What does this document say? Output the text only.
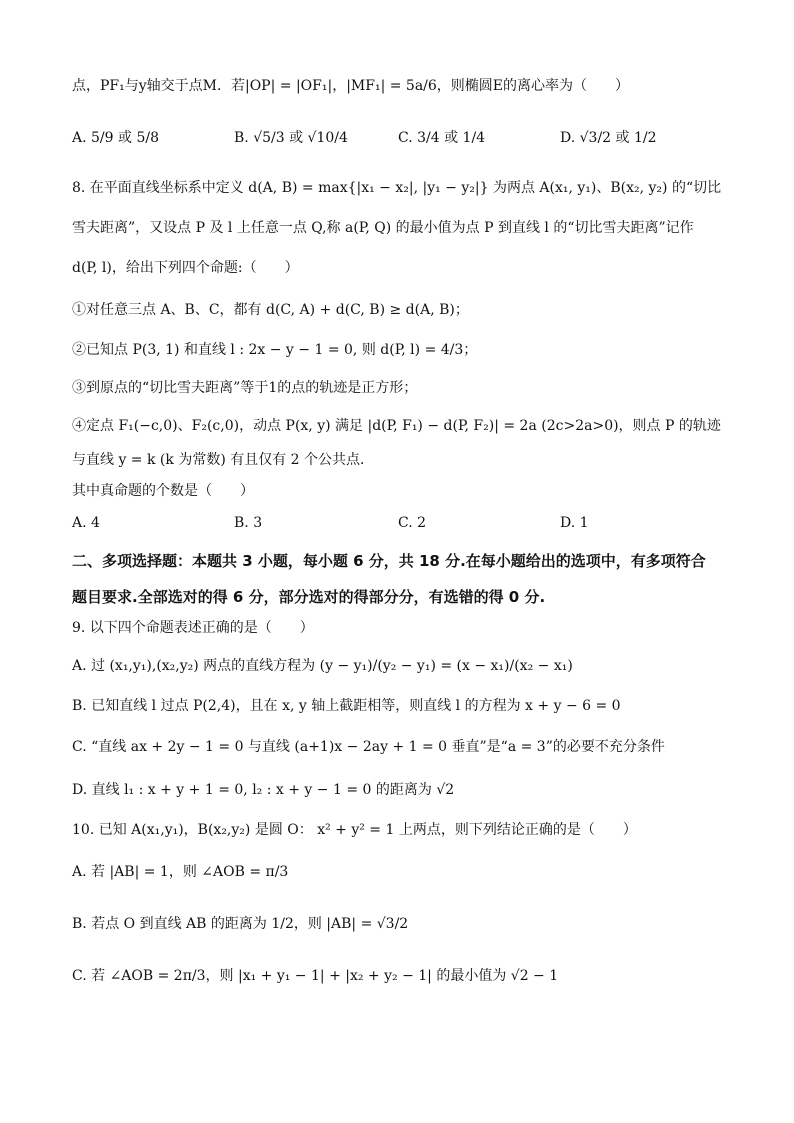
点，PF₁与y轴交于点M．若|OP| = |OF₁|，|MF₁| = 5a/6，则椭圆E的离心率为（　　）
A. 5/9 或 5/8	B. √5/3 或 √10/4	C. 3/4 或 1/4	D. √3/2 或 1/2
8. 在平面直线坐标系中定义 d(A, B) = max{|x₁ − x₂|, |y₁ − y₂|} 为两点 A(x₁, y₁)、B(x₂, y₂) 的“切比
雪夫距离”，又设点 P 及 l 上任意一点 Q,称 a(P, Q) 的最小值为点 P 到直线 l 的“切比雪夫距离”记作
d(P, l)，给出下列四个命题:（　　）
①对任意三点 A、B、C，都有 d(C, A) + d(C, B) ≥ d(A, B)；
②已知点 P(3, 1) 和直线 l : 2x − y − 1 = 0, 则 d(P, l) = 4/3；
③到原点的“切比雪夫距离”等于1的点的轨迹是正方形；
④定点 F₁(−c,0)、F₂(c,0)，动点 P(x, y) 满足 |d(P, F₁) − d(P, F₂)| = 2a (2c>2a>0)，则点 P 的轨迹
与直线 y = k (k 为常数) 有且仅有 2 个公共点．
其中真命题的个数是（　　）
A. 4	B. 3	C. 2	D. 1
二、多项选择题：本题共 3 小题，每小题 6 分，共 18 分.在每小题给出的选项中，有多项符合
题目要求.全部选对的得 6 分，部分选对的得部分分，有选错的得 0 分.
9. 以下四个命题表述正确的是（　　）
A. 过 (x₁,y₁),(x₂,y₂) 两点的直线方程为 (y − y₁)/(y₂ − y₁) = (x − x₁)/(x₂ − x₁)
B. 已知直线 l 过点 P(2,4)，且在 x, y 轴上截距相等，则直线 l 的方程为 x + y − 6 = 0
C. “直线 ax + 2y − 1 = 0 与直线 (a+1)x − 2ay + 1 = 0 垂直”是“a = 3”的必要不充分条件
D. 直线 l₁ : x + y + 1 = 0, l₂ : x + y − 1 = 0 的距离为 √2
10. 已知 A(x₁,y₁)，B(x₂,y₂) 是圆 O： x² + y² = 1 上两点，则下列结论正确的是（　　）
A. 若 |AB| = 1，则 ∠AOB = π/3
B. 若点 O 到直线 AB 的距离为 1/2，则 |AB| = √3/2
C. 若 ∠AOB = 2π/3，则 |x₁ + y₁ − 1| + |x₂ + y₂ − 1| 的最小值为 √2 − 1
